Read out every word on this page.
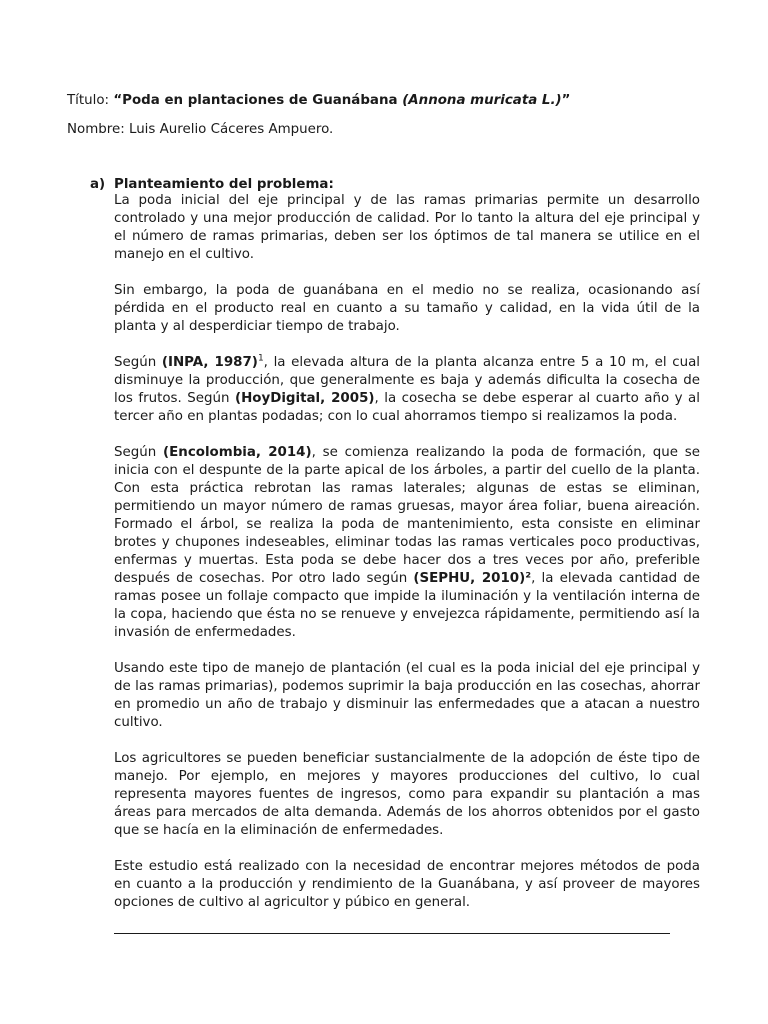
Título: “Poda en plantaciones de Guanábana (Annona muricata L.)”
Nombre: Luis Aurelio Cáceres Ampuero.
a) Planteamiento del problema:

La poda inicial del eje principal y de las ramas primarias permite un desarrollo controlado y una mejor producción de calidad. Por lo tanto la altura del eje principal y el número de ramas primarias, deben ser los óptimos de tal manera se utilice en el manejo en el cultivo.

Sin embargo, la poda de guanábana en el medio no se realiza, ocasionando así pérdida en el producto real en cuanto a su tamaño y calidad, en la vida útil de la planta y al desperdiciar tiempo de trabajo.

Según (INPA, 1987)$^1$, la elevada altura de la planta alcanza entre 5 a 10 m, el cual disminuye la producción, que generalmente es baja y además dificulta la cosecha de los frutos. Según (HoyDigital, 2005), la cosecha se debe esperar al cuarto año y al tercer año en plantas podadas; con lo cual ahorramos tiempo si realizamos la poda.

Según (Encolombia, 2014), se comienza realizando la poda de formación, que se inicia con el despunte de la parte apical de los árboles, a partir del cuello de la planta. Con esta práctica rebrotan las ramas laterales; algunas de estas se eliminan, permitiendo un mayor número de ramas gruesas, mayor área foliar, buena aireación. Formado el árbol, se realiza la poda de mantenimiento, esta consiste en eliminar brotes y chupones indeseables, eliminar todas las ramas verticales poco productivas, enfermas y muertas. Esta poda se debe hacer dos a tres veces por año, preferible después de cosechas. Por otro lado según (SEPHU, 2010)², la elevada cantidad de ramas posee un follaje compacto que impide la iluminación y la ventilación interna de la copa, haciendo que ésta no se renueve y envejezca rápidamente, permitiendo así la invasión de enfermedades.

Usando este tipo de manejo de plantación (el cual es la poda inicial del eje principal y de las ramas primarias), podemos suprimir la baja producción en las cosechas, ahorrar en promedio un año de trabajo y disminuir las enfermedades que a atacan a nuestro cultivo.

Los agricultores se pueden beneficiar sustancialmente de la adopción de éste tipo de manejo. Por ejemplo, en mejores y mayores producciones del cultivo, lo cual representa mayores fuentes de ingresos, como para expandir su plantación a mas áreas para mercados de alta demanda. Además de los ahorros obtenidos por el gasto que se hacía en la eliminación de enfermedades.

Este estudio está realizado con la necesidad de encontrar mejores métodos de poda en cuanto a la producción y rendimiento de la Guanábana, y así proveer de mayores opciones de cultivo al agricultor y púbico en general.
